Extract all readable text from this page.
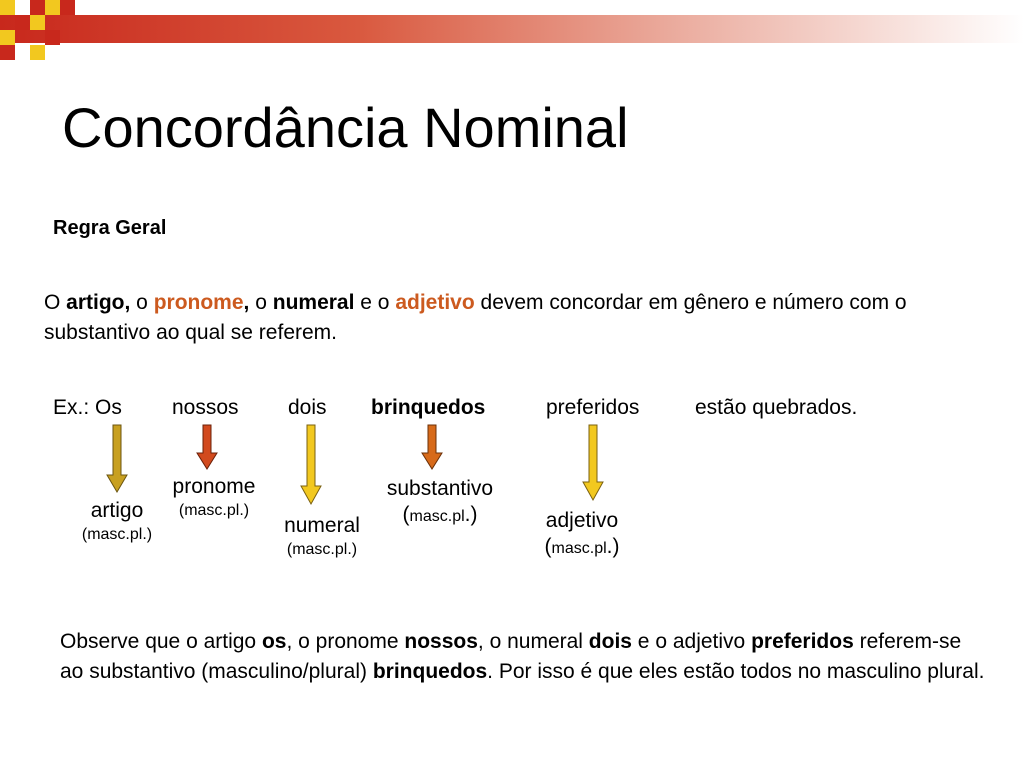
Concordância Nominal
Regra Geral
O artigo, o pronome, o numeral e o adjetivo devem concordar em gênero e número com o substantivo ao qual se referem.
Ex.: Os nossos dois brinquedos	preferidos	estão quebrados.
artigo
(masc.pl.)
pronome
(masc.pl.)
numeral
(masc.pl.)
substantivo
(masc.pl.)	adjetivo
(masc.pl.)
Observe que o artigo os, o pronome nossos, o numeral dois e o adjetivo preferidos referem-se ao substantivo (masculino/plural) brinquedos. Por isso é que eles estão todos no masculino plural.
